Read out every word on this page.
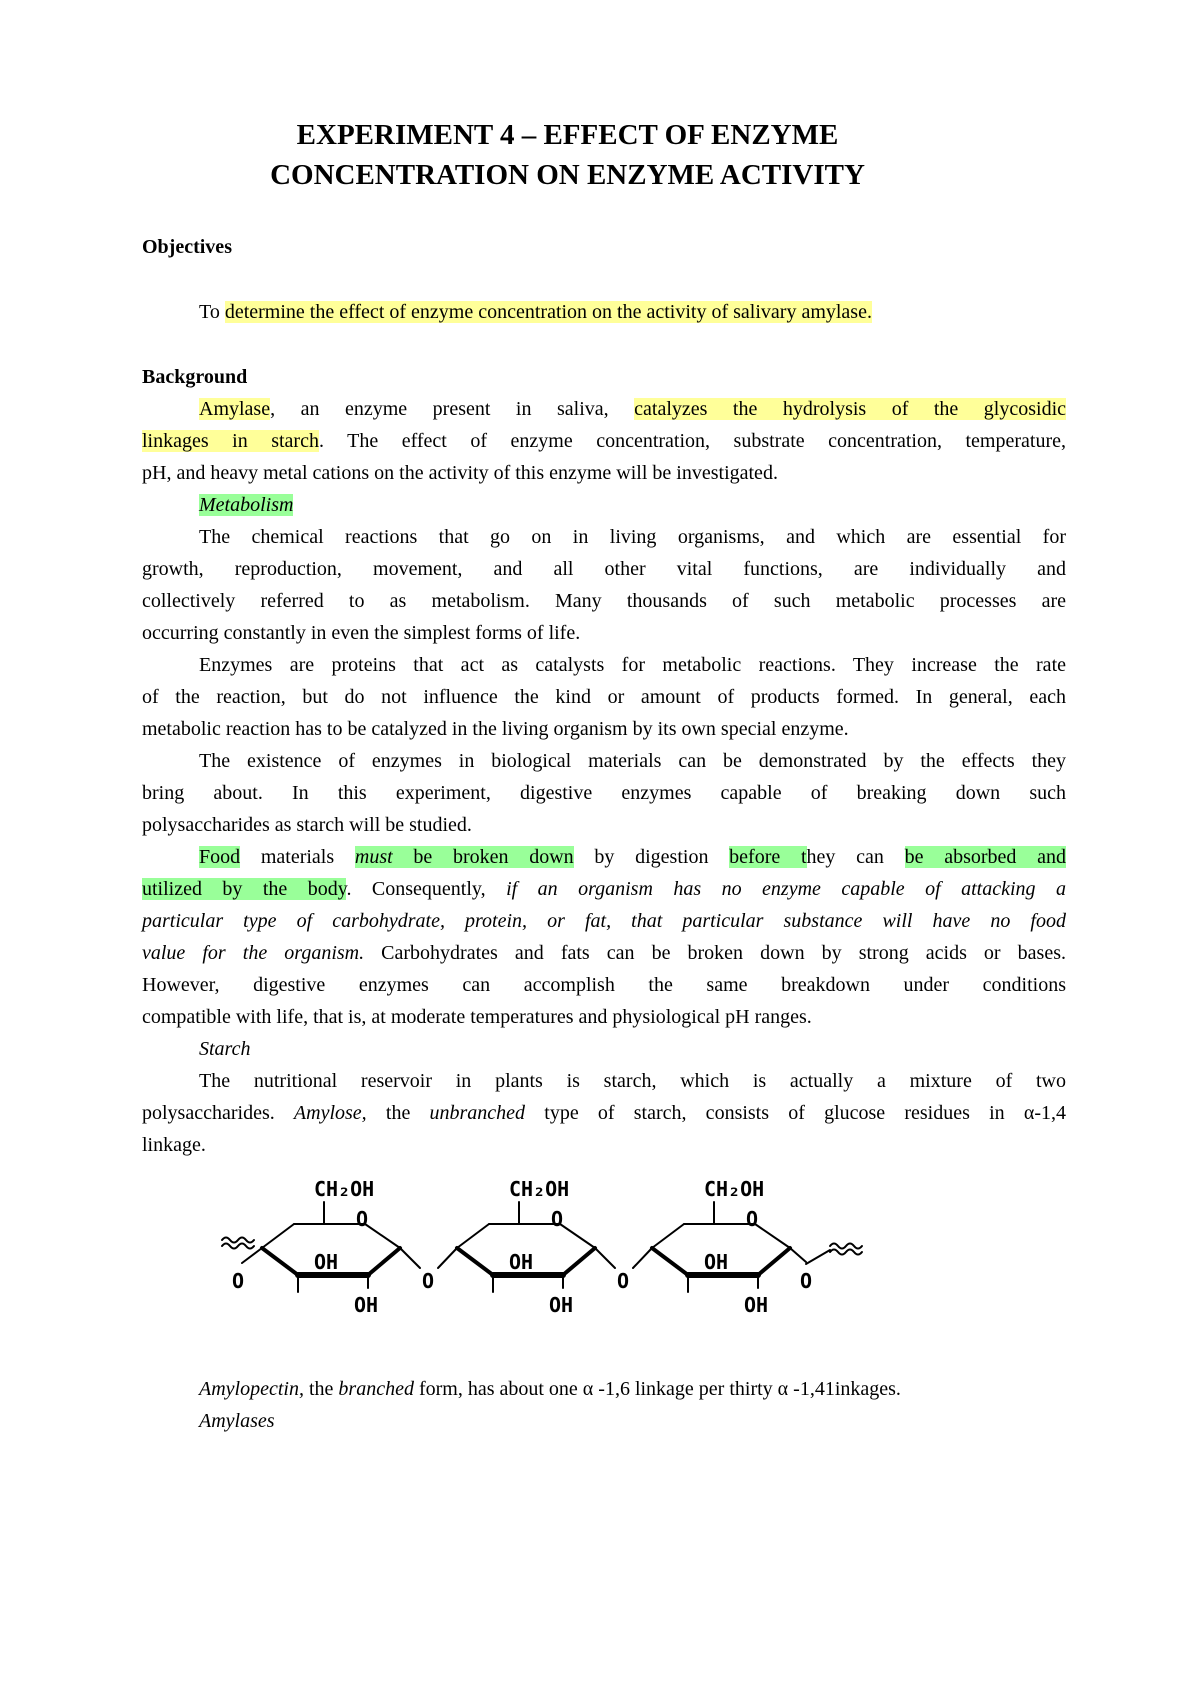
EXPERIMENT 4 – EFFECT OF ENZYME
CONCENTRATION ON ENZYME ACTIVITY
Objectives
To determine the effect of enzyme concentration on the activity of salivary amylase.
Background
Amylase, an enzyme present in saliva, catalyzes the hydrolysis of the glycosidic
linkages in starch. The effect of enzyme concentration, substrate concentration, temperature,
pH, and heavy metal cations on the activity of this enzyme will be investigated.
Metabolism
The chemical reactions that go on in living organisms, and which are essential for
growth, reproduction, movement, and all other vital functions, are individually and
collectively referred to as metabolism. Many thousands of such metabolic processes are
occurring constantly in even the simplest forms of life.
Enzymes are proteins that act as catalysts for metabolic reactions. They increase the rate
of the reaction, but do not influence the kind or amount of products formed. In general, each
metabolic reaction has to be catalyzed in the living organism by its own special enzyme.
The existence of enzymes in biological materials can be demonstrated by the effects they
bring about. In this experiment, digestive enzymes capable of breaking down such
polysaccharides as starch will be studied.
Food materials must be broken down by digestion before they can be absorbed and
utilized by the body. Consequently, if an organism has no enzyme capable of attacking a
particular type of carbohydrate, protein, or fat, that particular substance will have no food
value for the organism. Carbohydrates and fats can be broken down by strong acids or bases.
However, digestive enzymes can accomplish the same breakdown under conditions
compatible with life, that is, at moderate temperatures and physiological pH ranges.
Starch
The nutritional reservoir in plants is starch, which is actually a mixture of two
polysaccharides. Amylose, the unbranched type of starch, consists of glucose residues in α-1,4
linkage.
CH₂OH	CH₂OH	CH₂OH
O	O	O
OH	OH	OH
OH	OH	OH
O	O	O	O
Amylopectin, the branched form, has about one α -1,6 linkage per thirty α -1,41inkages.
Amylases
